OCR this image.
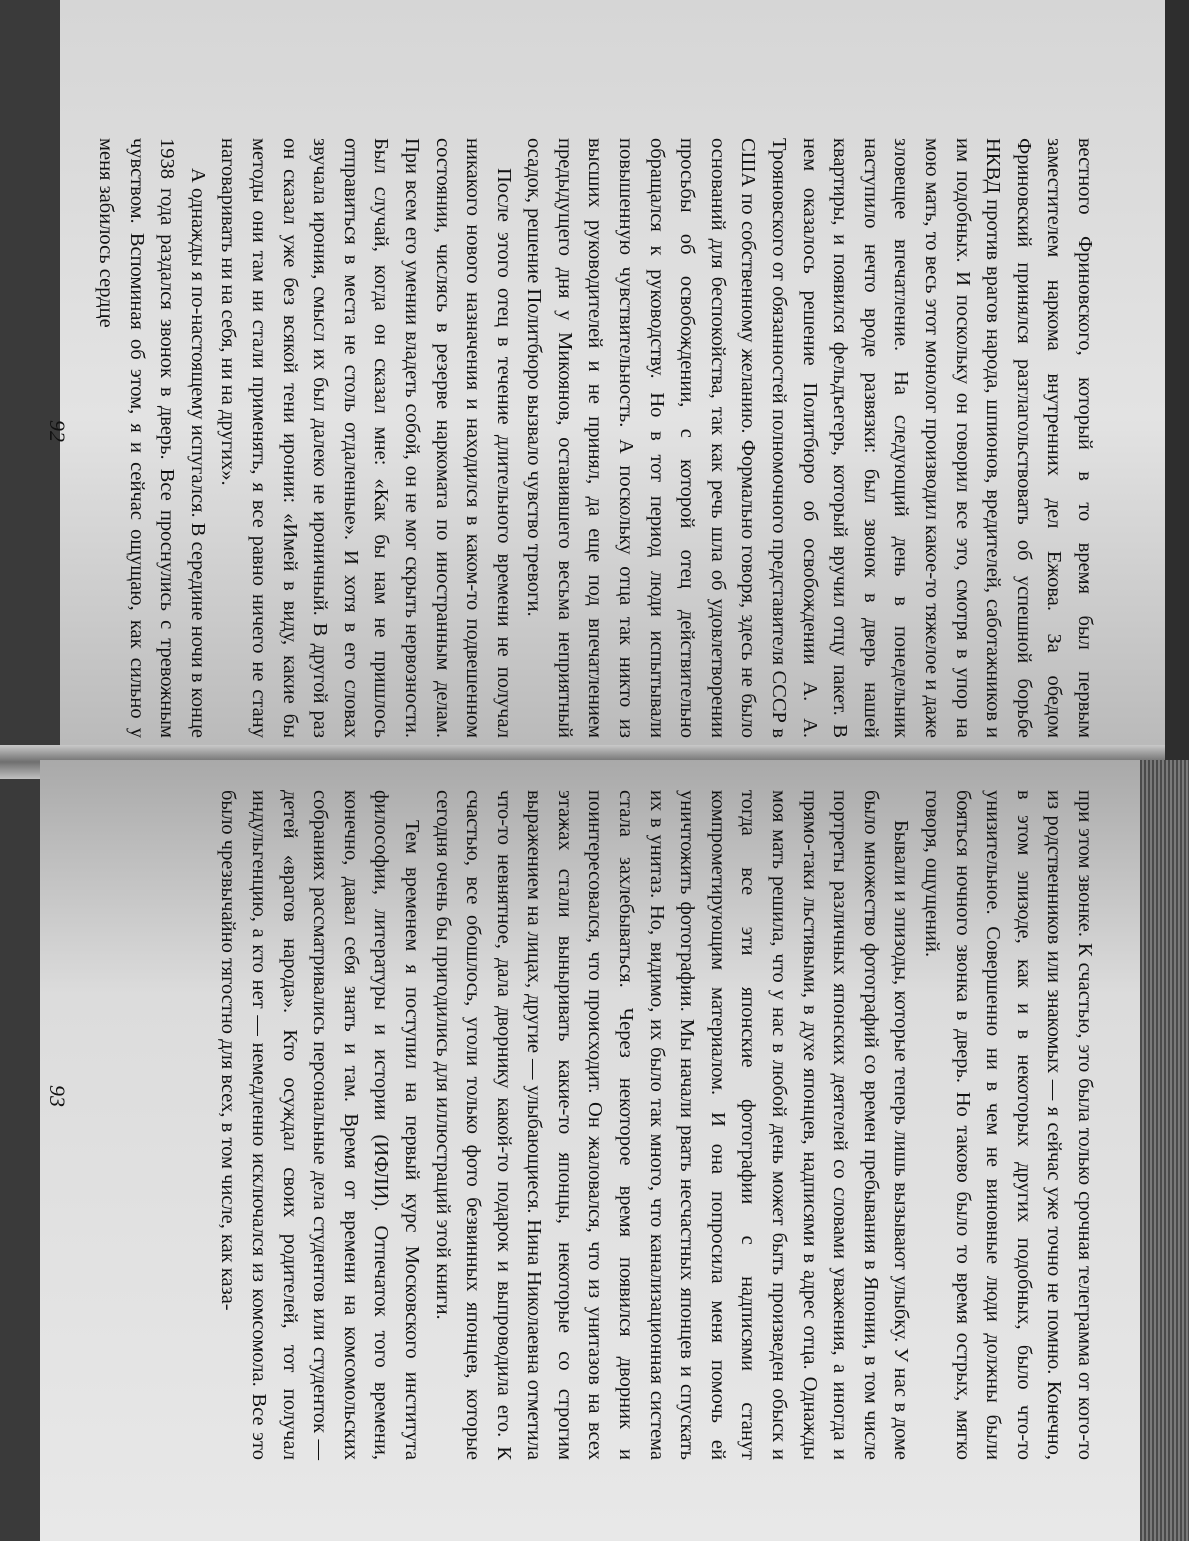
вестного Фриновского, который в то время был первым заместителем наркома внутренних дел Ежова. За обедом Фриновский принялся разглагольствовать об успешной борьбе НКВД против врагов народа, шпионов, вредителей, саботажников и им подобных. И поскольку он говорил все это, смотря в упор на мою мать, то весь этот монолог производил какое-то тяжелое и даже зловещее впечатление. На следующий день в понедельник наступило нечто вроде развязки: был звонок в дверь нашей квартиры, и появился фельдъегерь, который вручил отцу пакет. В нем оказалось решение Политбюро об освобождении А. А. Трояновского от обязанностей полномочного представителя СССР в США по собственному желанию. Формально говоря, здесь не было оснований для беспокойства, так как речь шла об удовлетворении просьбы об освобождении, с которой отец действительно обращался к руководству. Но в тот период люди испытывали повышенную чувствительность. А поскольку отца так никто из высших руководителей и не принял, да еще под впечатлением предыдущего дня у Микоянов, оставившего весьма неприятный осадок, решение Политбюро вызвало чувство тревоги.

После этого отец в течение длительного времени не получал никакого нового назначения и находился в каком-то подвешенном состоянии, числясь в резерве наркомата по иностранным делам. При всем его умении владеть собой, он не мог скрыть нервозности. Был случай, когда он сказал мне: «Как бы нам не пришлось отправиться в места не столь отдаленные». И хотя в его словах звучала ирония, смысл их был далеко не ироничный. В другой раз он сказал уже без всякой тени иронии: «Имей в виду, какие бы методы они там ни стали применять, я все равно ничего не стану наговаривать ни на себя, ни на других».

А однажды я по-настоящему испугался. В середине ночи в конце 1938 года раздался звонок в дверь. Все проснулись с тревожным чувством. Вспоминая об этом, я и сейчас ощущаю, как сильно у меня забилось сердце

92

при этом звонке. К счастью, это была только срочная телеграмма от кого-то из родственников или знакомых — я сейчас уже точно не помню. Конечно, в этом эпизоде, как и в некоторых других подобных, было что-то унизительное. Совершенно ни в чем не виновные люди должны были бояться ночного звонка в дверь. Но таково было то время острых, мягко говоря, ощущений.

Бывали и эпизоды, которые теперь лишь вызывают улыбку. У нас в доме было множество фотографий со времен пребывания в Японии, в том числе портреты различных японских деятелей со словами уважения, а иногда и прямо-таки льстивыми, в духе японцев, надписями в адрес отца. Однажды моя мать решила, что у нас в любой день может быть произведен обыск и тогда все эти японские фотографии с надписями станут компрометирующим материалом. И она попросила меня помочь ей уничтожить фотографии. Мы начали рвать несчастных японцев и спускать их в унитаз. Но, видимо, их было так много, что канализационная система стала захлебываться. Через некоторое время появился дворник и поинтересовался, что происходит. Он жаловался, что из унитазов на всех этажах стали выныривать какие-то японцы, некоторые со строгим выражением на лицах, другие — улыбающиеся. Нина Николаевна отметила что-то невнятное, дала дворнику какой-то подарок и выпроводила его. К счастью, все обошлось, уголи только фото безвинных японцев, которые сегодня очень бы пригодились для иллюстраций этой книги.

Тем временем я поступил на первый курс Московского института философии, литературы и истории (ИФЛИ). Отпечаток того времени, конечно, давал себя знать и там. Время от времени на комсомольских собраниях рассматривались персональные дела студентов или студенток — детей «врагов народа». Кто осуждал своих родителей, тот получал индульгенцию, а кто нет — немедленно исключался из комсомола. Все это было чрезвычайно тягостно для всех, в том числе, как каза-

93
